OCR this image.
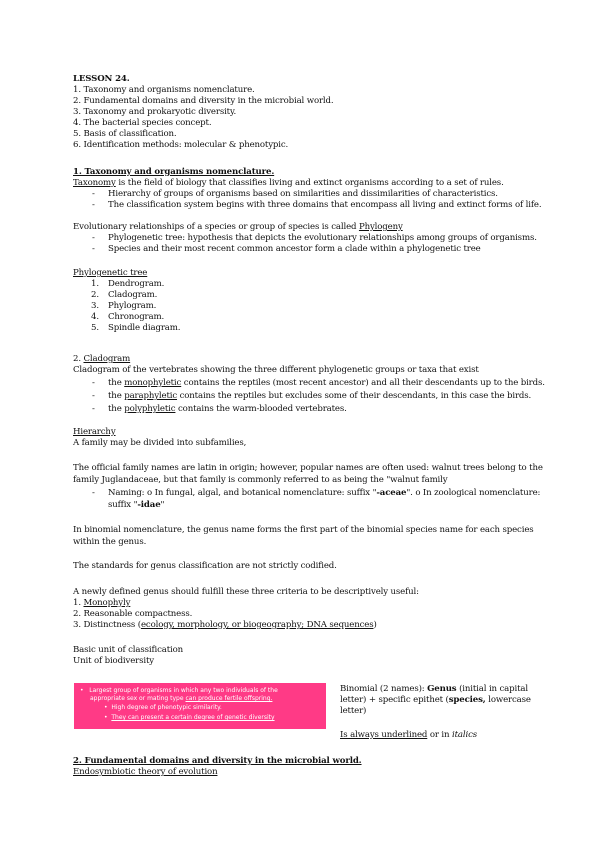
LESSON 24.
1. Taxonomy and organisms nomenclature.
2. Fundamental domains and diversity in the microbial world.
3. Taxonomy and prokaryotic diversity.
4. The bacterial species concept.
5. Basis of classification.
6. Identification methods: molecular & phenotypic.
1. Taxonomy and organisms nomenclature.
Taxonomy is the field of biology that classifies living and extinct organisms according to a set of rules.
- Hierarchy of groups of organisms based on similarities and dissimilarities of characteristics.
- The classification system begins with three domains that encompass all living and extinct forms of life.
Evolutionary relationships of a species or group of species is called Phylogeny
- Phylogenetic tree: hypothesis that depicts the evolutionary relationships among groups of organisms.
- Species and their most recent common ancestor form a clade within a phylogenetic tree
Phylogenetic tree
1. Dendrogram.
2. Cladogram.
3. Phylogram.
4. Chronogram.
5. Spindle diagram.
2. Cladogram
Cladogram of the vertebrates showing the three different phylogenetic groups or taxa that exist
- the monophyletic contains the reptiles (most recent ancestor) and all their descendants up to the birds.
- the paraphyletic contains the reptiles but excludes some of their descendants, in this case the birds.
- the polyphyletic contains the warm-blooded vertebrates.
Hierarchy
A family may be divided into subfamilies,
The official family names are latin in origin; however, popular names are often used: walnut trees belong to the
family Juglandaceae, but that family is commonly referred to as being the "walnut family
- Naming: o In fungal, algal, and botanical nomenclature: suffix "-aceae". o In zoological nomenclature:
suffix "-idae"
In binomial nomenclature, the genus name forms the first part of the binomial species name for each species
within the genus.
The standards for genus classification are not strictly codified.
A newly defined genus should fulfill these three criteria to be descriptively useful:
1. Monophyly
2. Reasonable compactness.
3. Distinctness (ecology, morphology, or biogeography; DNA sequences)
Basic unit of classification
Unit of biodiversity
•   Largest group of organisms in which any two individuals of the
appropriate sex or mating type can produce fertile offspring.
•  High degree of phenotypic similarity.
•  They can present a certain degree of genetic diversity
Binomial (2 names): Genus (initial in capital
letter) + specific epithet (species, lowercase
letter)
Is always underlined or in italics
2. Fundamental domains and diversity in the microbial world.
Endosymbiotic theory of evolution
